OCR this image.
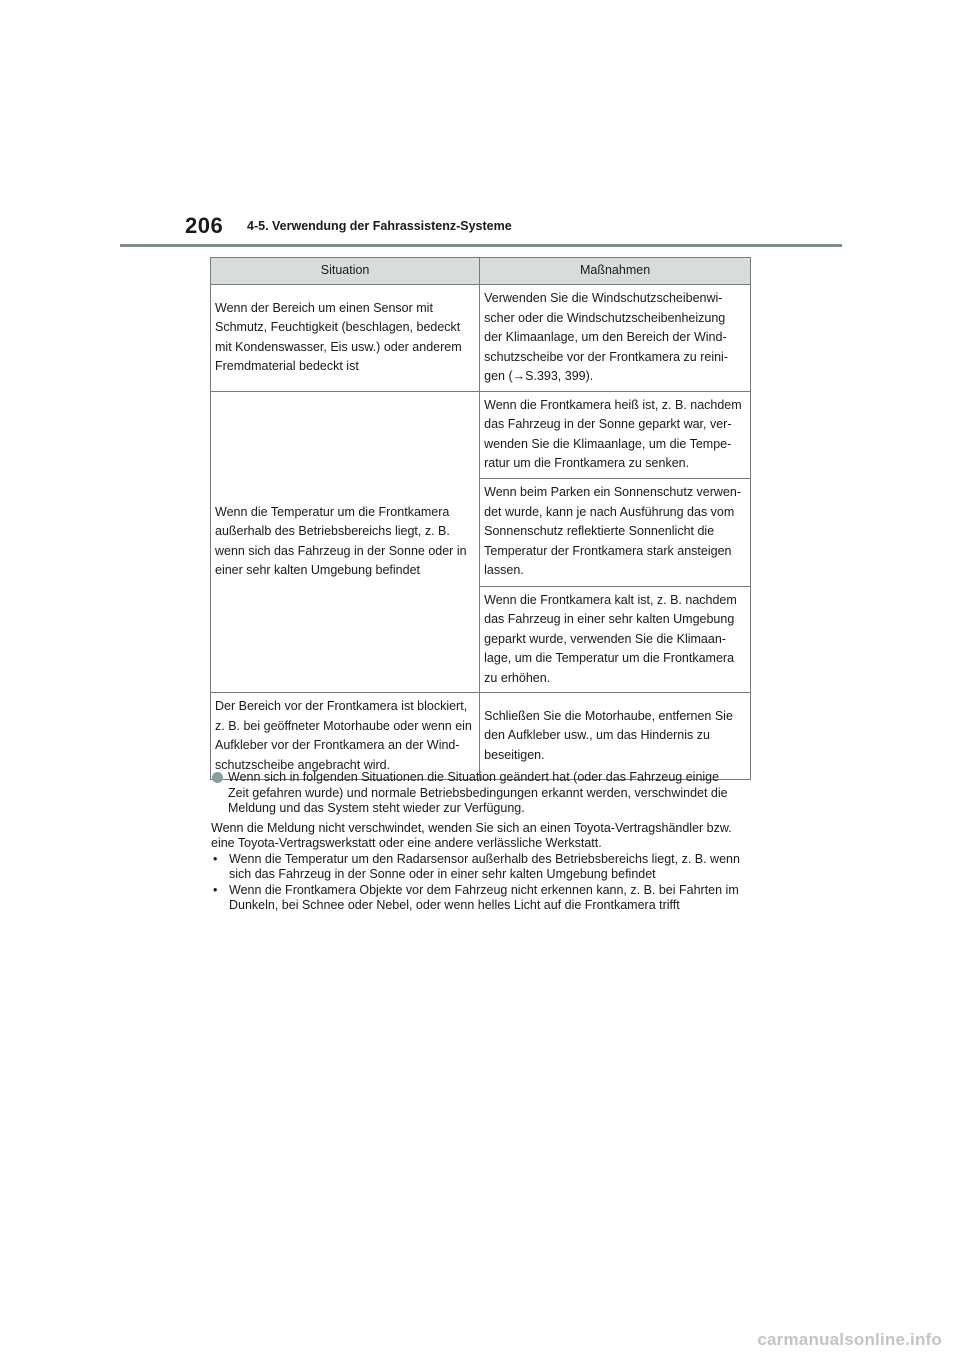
206 4-5. Verwendung der Fahrassistenz-Systeme
Situation	Maßnahmen

Wenn der Bereich um einen Sensor mit
Schmutz, Feuchtigkeit (beschlagen, bedeckt
mit Kondenswasser, Eis usw.) oder anderem
Fremdmaterial bedeckt ist	Verwenden Sie die Windschutzscheibenwi-
scher oder die Windschutzscheibenheizung
der Klimaanlage, um den Bereich der Wind-
schutzscheibe vor der Frontkamera zu reini-
gen (→S.393, 399).

Wenn die Temperatur um die Frontkamera
außerhalb des Betriebsbereichs liegt, z. B.
wenn sich das Fahrzeug in der Sonne oder in
einer sehr kalten Umgebung befindet	Wenn die Frontkamera heiß ist, z. B. nachdem
das Fahrzeug in der Sonne geparkt war, ver-
wenden Sie die Klimaanlage, um die Tempe-
ratur um die Frontkamera zu senken.

	Wenn beim Parken ein Sonnenschutz verwen-
det wurde, kann je nach Ausführung das vom
Sonnenschutz reflektierte Sonnenlicht die
Temperatur der Frontkamera stark ansteigen
lassen.

	Wenn die Frontkamera kalt ist, z. B. nachdem
das Fahrzeug in einer sehr kalten Umgebung
geparkt wurde, verwenden Sie die Klimaan-
lage, um die Temperatur um die Frontkamera
zu erhöhen.

Der Bereich vor der Frontkamera ist blockiert,
z. B. bei geöffneter Motorhaube oder wenn ein
Aufkleber vor der Frontkamera an der Wind-
schutzscheibe angebracht wird.	Schließen Sie die Motorhaube, entfernen Sie
den Aufkleber usw., um das Hindernis zu
beseitigen.
Wenn sich in folgenden Situationen die Situation geändert hat (oder das Fahrzeug einige
Zeit gefahren wurde) und normale Betriebsbedingungen erkannt werden, verschwindet die
Meldung und das System steht wieder zur Verfügung.
Wenn die Meldung nicht verschwindet, wenden Sie sich an einen Toyota-Vertragshändler bzw.
eine Toyota-Vertragswerkstatt oder eine andere verlässliche Werkstatt.
• Wenn die Temperatur um den Radarsensor außerhalb des Betriebsbereichs liegt, z. B. wenn
sich das Fahrzeug in der Sonne oder in einer sehr kalten Umgebung befindet
• Wenn die Frontkamera Objekte vor dem Fahrzeug nicht erkennen kann, z. B. bei Fahrten im
Dunkeln, bei Schnee oder Nebel, oder wenn helles Licht auf die Frontkamera trifft
carmanualsonline.info
